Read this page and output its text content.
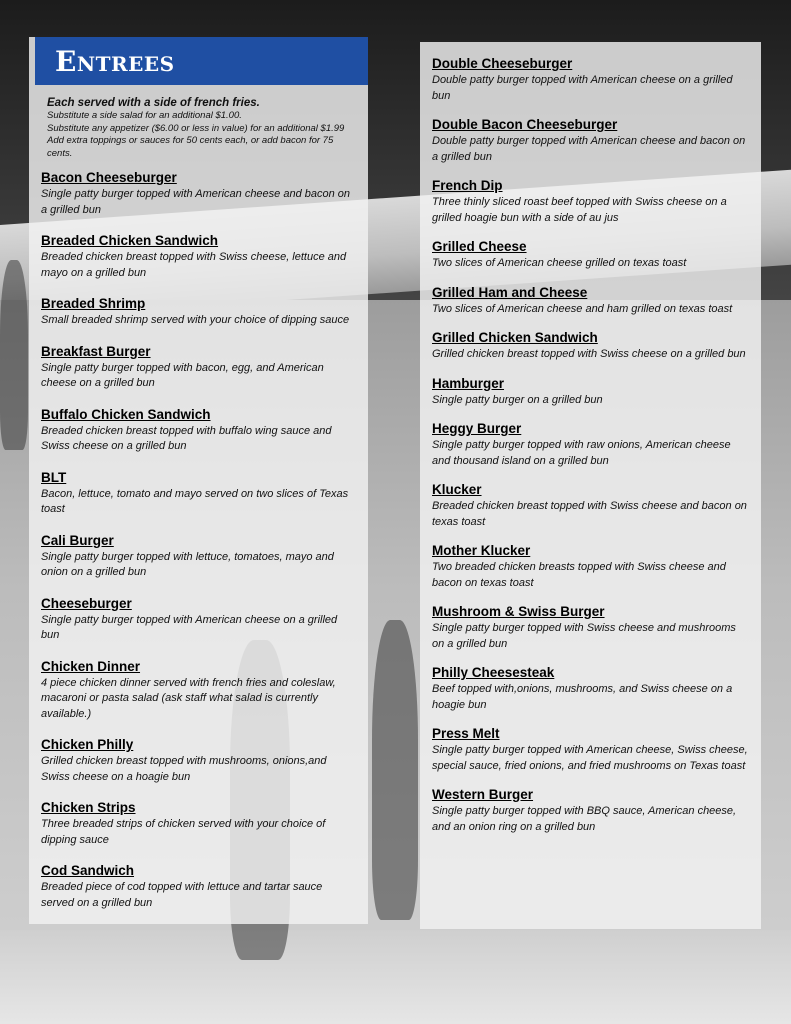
Entrees
Each served with a side of french fries.
Substitute a side salad for an additional $1.00.
Substitute any appetizer ($6.00 or less in value) for an additional $1.99
Add extra toppings or sauces for 50 cents each, or add bacon for 75 cents.
Bacon Cheeseburger
Single patty burger topped with American cheese and bacon on a grilled bun
Breaded Chicken Sandwich
Breaded chicken breast topped with Swiss cheese, lettuce and mayo on a grilled bun
Breaded Shrimp
Small breaded shrimp served with your choice of dipping sauce
Breakfast Burger
Single patty burger topped with bacon, egg, and American cheese on a grilled bun
Buffalo Chicken Sandwich
Breaded chicken breast topped with buffalo wing sauce and Swiss cheese on a grilled bun
BLT
Bacon, lettuce, tomato and mayo served on two slices of Texas toast
Cali Burger
Single patty burger topped with lettuce, tomatoes, mayo and onion on a grilled bun
Cheeseburger
Single patty burger topped with American cheese on a grilled bun
Chicken Dinner
4 piece chicken dinner served with french fries and coleslaw, macaroni or pasta salad (ask staff what salad is currently available.)
Chicken Philly
Grilled chicken breast topped with mushrooms, onions,and Swiss cheese on a hoagie bun
Chicken Strips
Three breaded strips of chicken served with your choice of dipping sauce
Cod Sandwich
Breaded piece of cod topped with lettuce and tartar sauce served on a grilled bun
Double Cheeseburger
Double patty burger topped with American cheese on a grilled bun
Double Bacon Cheeseburger
Double patty burger topped with American cheese and bacon on a grilled bun
French Dip
Three thinly sliced roast beef topped with Swiss cheese on a grilled hoagie bun with a side of au jus
Grilled Cheese
Two slices of American cheese grilled on texas toast
Grilled Ham and Cheese
Two slices of American cheese and ham grilled on texas toast
Grilled Chicken Sandwich
Grilled chicken breast topped with Swiss cheese on a grilled bun
Hamburger
Single patty burger on a grilled bun
Heggy Burger
Single patty burger topped with raw onions, American cheese and thousand island on a grilled bun
Klucker
Breaded chicken breast topped with Swiss cheese and bacon on texas toast
Mother Klucker
Two breaded chicken breasts topped with Swiss cheese and bacon on texas toast
Mushroom & Swiss Burger
Single patty burger topped with Swiss cheese and mushrooms on a grilled bun
Philly Cheesesteak
Beef topped with,onions, mushrooms, and Swiss cheese on a hoagie bun
Press Melt
Single patty burger topped with American cheese, Swiss cheese, special sauce, fried onions, and fried mushrooms on Texas toast
Western Burger
Single patty burger topped with BBQ sauce, American cheese, and an onion ring on a grilled bun
